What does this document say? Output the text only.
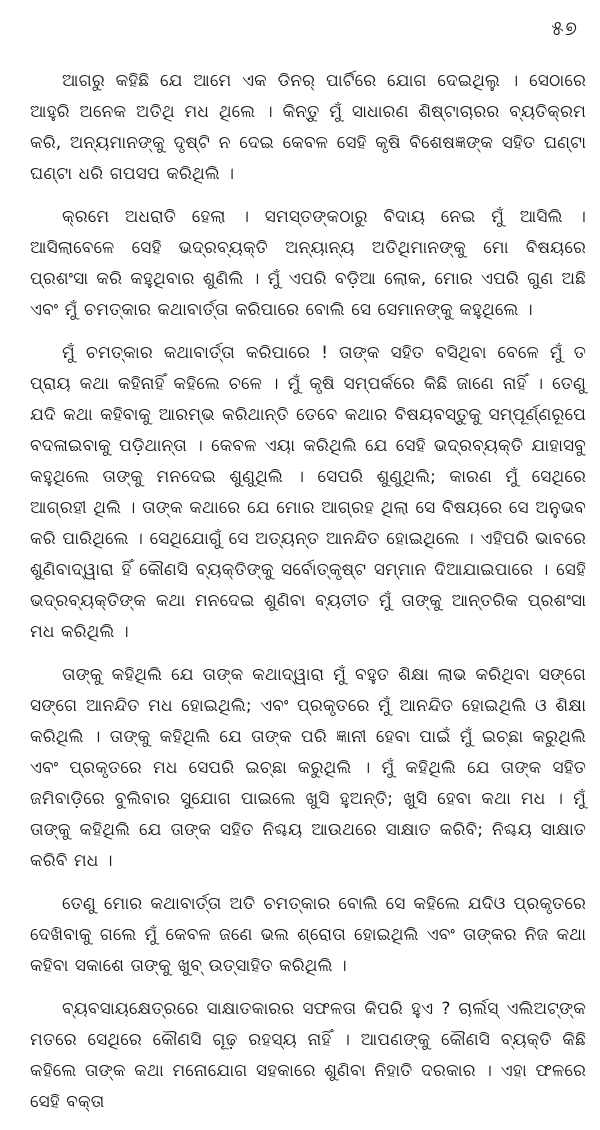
୫୭

ଆଗରୁ କହିଛି ଯେ ଆମେ ଏକ ଡିନର୍ ପାର୍ଟିରେ ଯୋଗ ଦେଇଥିଲୁ । ସେଠାରେ ଆହୁରି ଅନେକ ଅତିଥି ମଧ ଥିଲେ । କିନ୍ତୁ ମୁଁ ସାଧାରଣ ଶିଷ୍ଟାଚାରର ବ୍ୟତିକ୍ରମ କରି, ଅନ୍ୟମାନଙ୍କୁ ଦୃଷ୍ଟି ନ ଦେଇ କେବଳ ସେହି କୃଷି ବିଶେଷଜ୍ଞଙ୍କ ସହିତ ଘଣ୍ଟା ଘଣ୍ଟା ଧରି ଗପସପ କରିଥିଲି ।

କ୍ରମେ ଅଧରାତି ହେଲା । ସମସ୍ତଙ୍କଠାରୁ ବିଦାୟ ନେଇ ମୁଁ ଆସିଲି । ଆସିଲାବେଳେ ସେହି ଭଦ୍ରବ୍ୟକ୍ତି ଅନ୍ୟାନ୍ୟ ଅତିଥିମାନଙ୍କୁ ମୋ ବିଷୟରେ ପ୍ରଶଂସା କରି କହୁଥିବାର ଶୁଣିଲି । ମୁଁ ଏପରି ବଡ଼ିଆ ଲୋକ, ମୋର ଏପରି ଗୁଣ ଅଛି ଏବଂ ମୁଁ ଚମତ୍କାର କଥାବାର୍ତ୍ତା କରିପାରେ ବୋଲି ସେ ସେମାନଙ୍କୁ କହୁଥିଲେ ।

ମୁଁ ଚମତ୍କାର କଥାବାର୍ତ୍ତା କରିପାରେ ! ତାଙ୍କ ସହିତ ବସିଥିବା ବେଳେ ମୁଁ ତ ପ୍ରାୟ କଥା କହିନାହିଁ କହିଲେ ଚଳେ । ମୁଁ କୃଷି ସମ୍ପର୍କରେ କିଛି ଜାଣେ ନାହିଁ । ତେଣୁ ଯଦି କଥା କହିବାକୁ ଆରମ୍ଭ କରିଥାନ୍ତି ତେବେ କଥାର ବିଷୟବସ୍ତୁକୁ ସମ୍ପୂର୍ଣ୍ଣରୂପେ ବଦଳାଇବାକୁ ପଡ଼ିଥାନ୍ତା । କେବଳ ଏୟା କରିଥିଲି ଯେ ସେହି ଭଦ୍ରବ୍ୟକ୍ତି ଯାହାସବୁ କହୁଥିଲେ ତାଙ୍କୁ ମନଦେଇ ଶୁଣୁଥିଲି । ସେପରି ଶୁଣୁଥିଲି; କାରଣ ମୁଁ ସେଥିରେ ଆଗ୍ରହୀ ଥିଲି । ତାଙ୍କ କଥାରେ ଯେ ମୋର ଆଗ୍ରହ ଥିଲା ସେ ବିଷୟରେ ସେ ଅନୁଭବ କରି ପାରିଥିଲେ । ସେଥିଯୋଗୁଁ ସେ ଅତ୍ୟନ୍ତ ଆନନ୍ଦିତ ହୋଇଥିଲେ । ଏହିପରି ଭାବରେ ଶୁଣିବାଦ୍ୱାରା ହିଁ କୌଣସି ବ୍ୟକ୍ତିଙ୍କୁ ସର୍ବୋତ୍କୃଷ୍ଟ ସମ୍ମାନ ଦିଆଯାଇପାରେ । ସେହି ଭଦ୍ରବ୍ୟକ୍ତିଙ୍କ କଥା ମନଦେଇ ଶୁଣିବା ବ୍ୟତୀତ ମୁଁ ତାଙ୍କୁ ଆନ୍ତରିକ ପ୍ରଶଂସା ମଧ କରିଥିଲି ।

ତାଙ୍କୁ କହିଥିଲି ଯେ ତାଙ୍କ କଥାଦ୍ୱାରା ମୁଁ ବହୁତ ଶିକ୍ଷା ଲାଭ କରିଥିବା ସଙ୍ଗେ ସଙ୍ଗେ ଆନନ୍ଦିତ ମଧ ହୋଇଥିଲି; ଏବଂ ପ୍ରକୃତରେ ମୁଁ ଆନନ୍ଦିତ ହୋଇଥିଲି ଓ ଶିକ୍ଷା କରିଥିଲି । ତାଙ୍କୁ କହିଥିଲି ଯେ ତାଙ୍କ ପରି ଜ୍ଞାନୀ ହେବା ପାଇଁ ମୁଁ ଇଚ୍ଛା କରୁଥିଲି ଏବଂ ପ୍ରକୃତରେ ମଧ ସେପରି ଇଚ୍ଛା କରୁଥିଲି । ମୁଁ କହିଥିଲି ଯେ ତାଙ୍କ ସହିତ ଜମିବାଡ଼ିରେ ବୁଲିବାର ସୁଯୋଗ ପାଇଲେ ଖୁସି ହୁଅନ୍ତି; ଖୁସି ହେବା କଥା ମଧ । ମୁଁ ତାଙ୍କୁ କହିଥିଲି ଯେ ତାଙ୍କ ସହିତ ନିଶ୍ଚୟ ଆଉଥରେ ସାକ୍ଷାତ କରିବି; ନିଶ୍ଚୟ ସାକ୍ଷାତ କରିବି ମଧ ।

ତେଣୁ ମୋର କଥାବାର୍ତ୍ତା ଅତି ଚମତ୍କାର ବୋଲି ସେ କହିଲେ ଯଦିଓ ପ୍ରକୃତରେ ଦେଖିବାକୁ ଗଲେ ମୁଁ କେବଳ ଜଣେ ଭଲ ଶ୍ରୋତା ହୋଇଥିଲି ଏବଂ ତାଙ୍କର ନିଜ କଥା କହିବା ସକାଶେ ତାଙ୍କୁ ଖୁବ୍ ଉତ୍ସାହିତ କରିଥିଲି ।

ବ୍ୟବସାୟକ୍ଷେତ୍ରରେ ସାକ୍ଷାତକାରର ସଫଳତା କିପରି ହୁଏ ? ଚାର୍ଲସ୍ ଏଲିଅଟ୍‌ଙ୍କ ମତରେ ସେଥିରେ କୌଣସି ଗୂଢ଼ ରହସ୍ୟ ନାହିଁ । ଆପଣଙ୍କୁ କୌଣସି ବ୍ୟକ୍ତି କିଛି କହିଲେ ତାଙ୍କ କଥା ମନୋଯୋଗ ସହକାରେ ଶୁଣିବା ନିହାତି ଦରକାର । ଏହା ଫଳରେ ସେହି ବକ୍ତା
